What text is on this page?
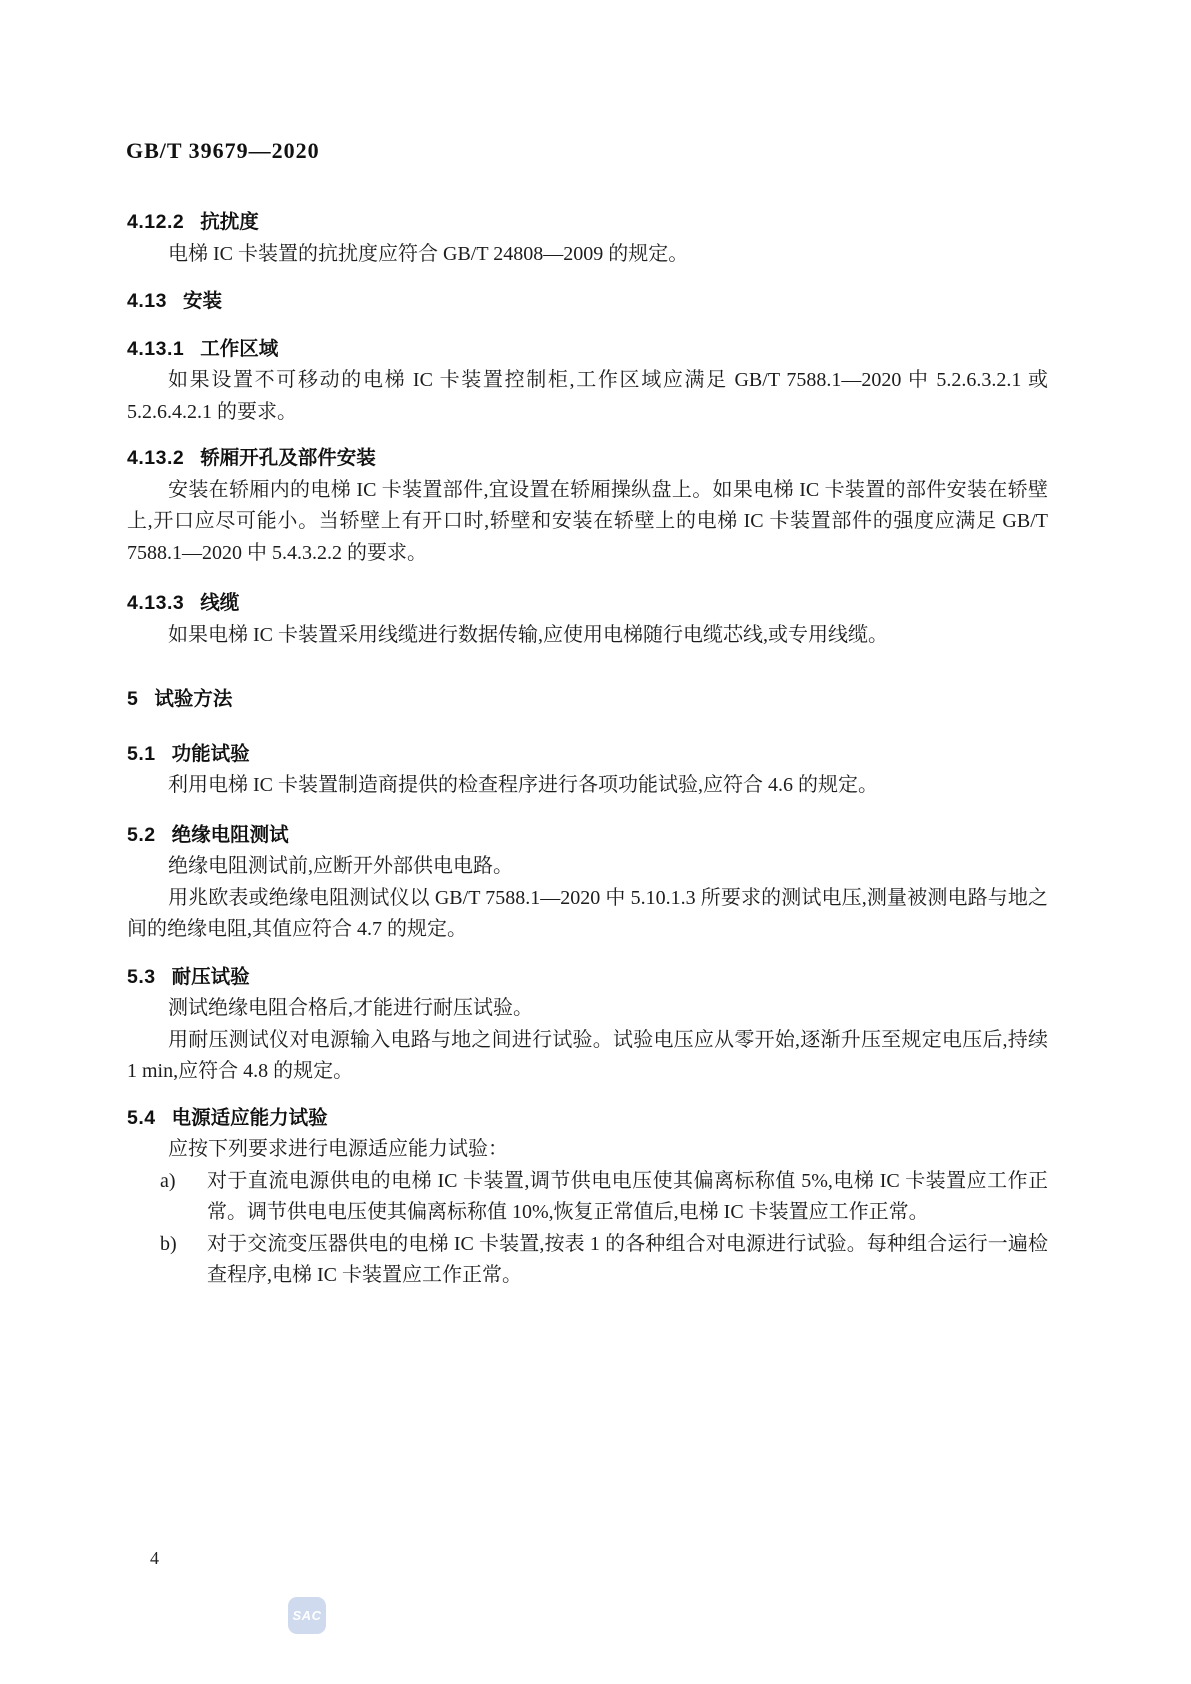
GB/T 39679—2020
4.12.2 抗扰度

电梯 IC 卡装置的抗扰度应符合 GB/T 24808—2009 的规定。

4.13 安装
4.13.1 工作区域

如果设置不可移动的电梯 IC 卡装置控制柜,工作区域应满足 GB/T 7588.1—2020 中 5.2.6.3.2.1 或 5.2.6.4.2.1 的要求。

4.13.2 轿厢开孔及部件安装

安装在轿厢内的电梯 IC 卡装置部件,宜设置在轿厢操纵盘上。如果电梯 IC 卡装置的部件安装在轿壁上,开口应尽可能小。当轿壁上有开口时,轿壁和安装在轿壁上的电梯 IC 卡装置部件的强度应满足 GB/T 7588.1—2020 中 5.4.3.2.2 的要求。

4.13.3 线缆

如果电梯 IC 卡装置采用线缆进行数据传输,应使用电梯随行电缆芯线,或专用线缆。

5 试验方法
5.1 功能试验

利用电梯 IC 卡装置制造商提供的检查程序进行各项功能试验,应符合 4.6 的规定。

5.2 绝缘电阻测试

绝缘电阻测试前,应断开外部供电电路。

用兆欧表或绝缘电阻测试仪以 GB/T 7588.1—2020 中 5.10.1.3 所要求的测试电压,测量被测电路与地之间的绝缘电阻,其值应符合 4.7 的规定。

5.3 耐压试验

测试绝缘电阻合格后,才能进行耐压试验。

用耐压测试仪对电源输入电路与地之间进行试验。试验电压应从零开始,逐渐升压至规定电压后,持续 1 min,应符合 4.8 的规定。

5.4 电源适应能力试验

应按下列要求进行电源适应能力试验：

a)	对于直流电源供电的电梯 IC 卡装置,调节供电电压使其偏离标称值 5%,电梯 IC 卡装置应工作正常。调节供电电压使其偏离标称值 10%,恢复正常值后,电梯 IC 卡装置应工作正常。
b)	对于交流变压器供电的电梯 IC 卡装置,按表 1 的各种组合对电源进行试验。每种组合运行一遍检查程序,电梯 IC 卡装置应工作正常。
4
SAC
